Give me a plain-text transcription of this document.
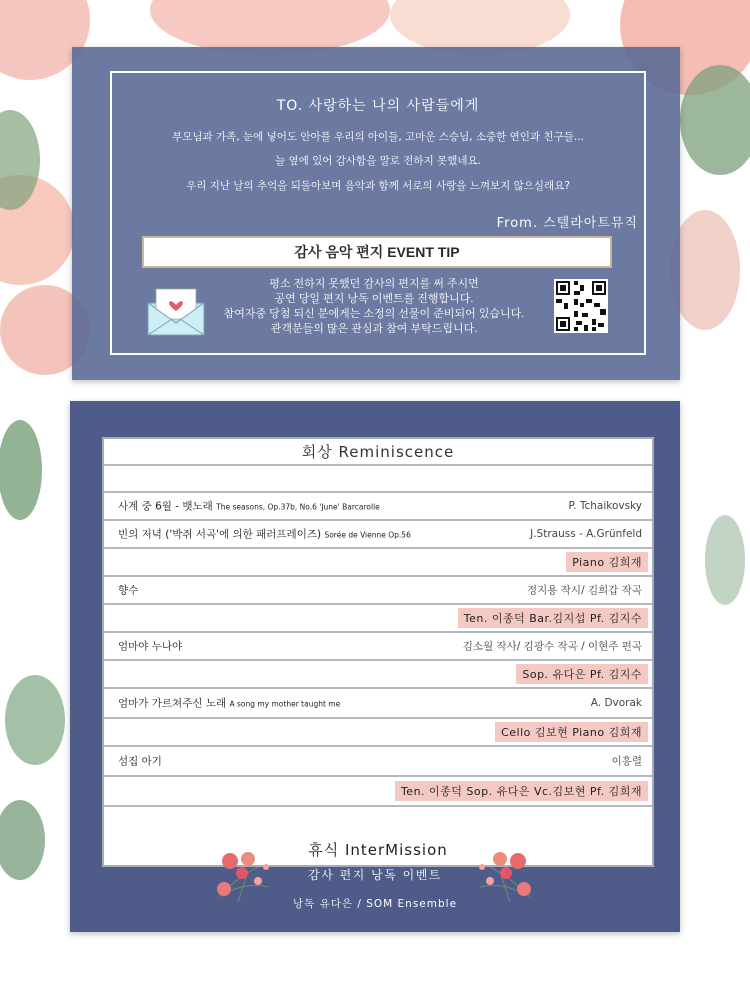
TO. 사랑하는 나의 사람들에게
부모님과 가족, 눈에 넣어도 안아플 우리의 아이들, 고마운 스승님, 소중한 연인과 친구들...
늘 옆에 있어 감사함을 말로 전하지 못했네요.
우리 지난 날의 추억을 되돌아보며 음악과 함께 서로의 사랑을 느껴보지 않으실래요?
From. 스텔라아트뮤직
감사 음악 편지 EVENT TIP
평소 전하지 못했던 감사의 편지를 써 주시면
공연 당일 편지 낭독 이벤트를 진행합니다.
참여자중 당첨 되신 분에게는 소정의 선물이 준비되어 있습니다.
관객분들의 많은 관심과 참여 부탁드립니다.
회상 Reminiscence
사계 중 6월 - 뱃노래 The seasons, Op.37b, No.6 'June' Barcarolle	P. Tchaikovsky
빈의 저녁 ('박쥐 서곡'에 의한 패러프레이즈) Sorée de Vienne Op.56	J.Strauss - A.Grünfeld
Piano 김희재
향수	정지용 작시/ 김희갑 작곡
Ten. 이종덕 Bar.김지섭 Pf. 김지수
엄마야 누나야	김소월 작사/ 김광수 작곡 / 이현주 편곡
Sop. 유다은 Pf. 김지수
엄마가 가르쳐주신 노래 A song my mother taught me	A. Dvorak
Cello 김보현 Piano 김희재
섬집 아기	이흥렬
Ten. 이종덕 Sop. 유다은 Vc.김보현 Pf. 김희재
휴식 InterMission
감사 편지 낭독 이벤트
낭독 유다은 / SOM Ensemble
